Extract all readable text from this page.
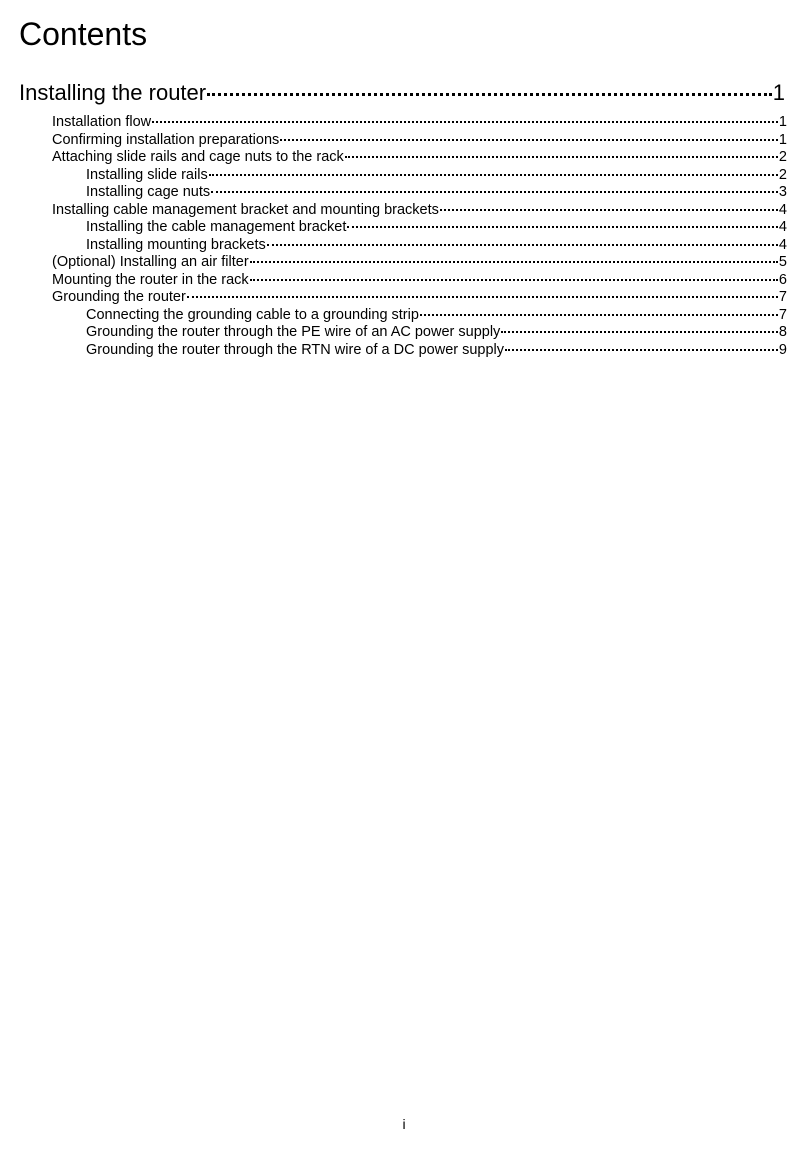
Contents
Installing the router	1
Installation flow	1
Confirming installation preparations	1
Attaching slide rails and cage nuts to the rack	2
Installing slide rails	2
Installing cage nuts	3
Installing cable management bracket and mounting brackets	4
Installing the cable management bracket	4
Installing mounting brackets	4
(Optional) Installing an air filter	5
Mounting the router in the rack	6
Grounding the router	7
Connecting the grounding cable to a grounding strip	7
Grounding the router through the PE wire of an AC power supply	8
Grounding the router through the RTN wire of a DC power supply	9
i
